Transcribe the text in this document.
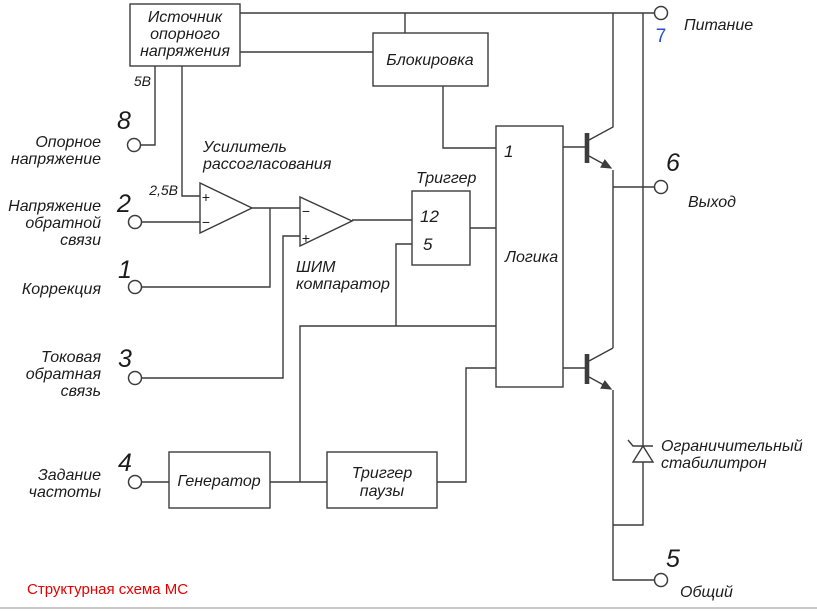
Источник
опорного
напряжения
Блокировка
Усилитель
рассогласования
+
−
−
+
ШИМ
компаратор
Триггер
12
5
1
Логика
Генератор	Триггер
паузы
Ограничительный
стабилитрон
5В
2,5В
8
Опорное
напряжение
2
Напряжение
обратной
связи
1
Коррекция
3
Токовая
обратная
связь
4
Задание
частоты
7
Питание
6
Выход
5
Общий
Структурная схема МС
